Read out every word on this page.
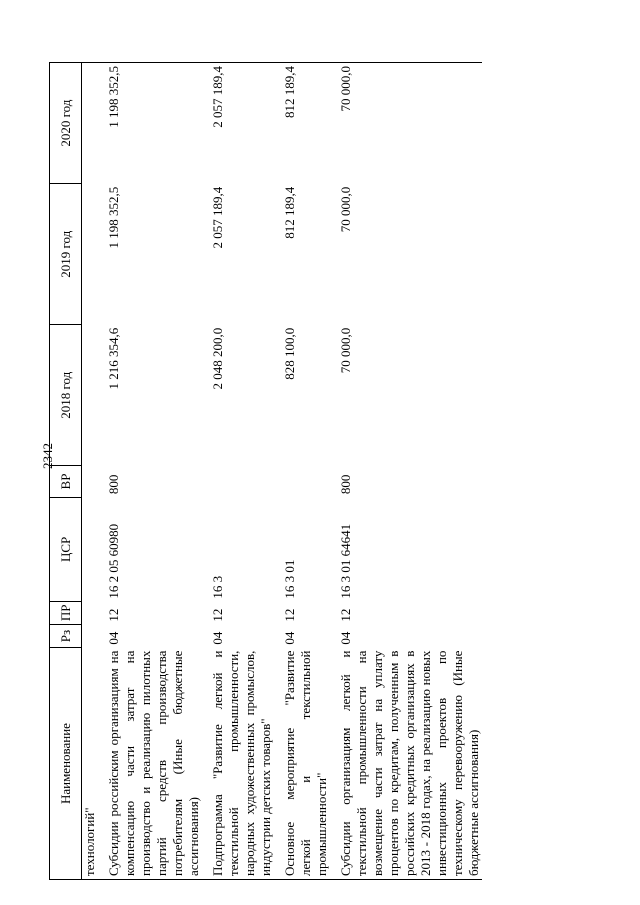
2342
Наименование	Рз	ПР	ЦСР	ВР	2018 год	2019 год	2020 год
технологий"							
Субсидии российским организациям на компенсацию части затрат на производство и реализацию пилотных партий средств производства потребителям (Иные бюджетные ассигнования)	04	12	16 2 05 60980	800	1 216 354,6	1 198 352,5	1 198 352,5
Подпрограмма "Развитие легкой и текстильной промышленности, народных художественных промыслов, индустрии детских товаров"	04	12	16 3		2 048 200,0	2 057 189,4	2 057 189,4
Основное мероприятие "Развитие легкой и текстильной промышленности"	04	12	16 3 01		828 100,0	812 189,4	812 189,4
Субсидии организациям легкой и текстильной промышленности на возмещение части затрат на уплату процентов по кредитам, полученным в российских кредитных организациях в 2013 - 2018 годах, на реализацию новых инвестиционных проектов по техническому перевооружению (Иные бюджетные ассигнования)	04	12	16 3 01 64641	800	70 000,0	70 000,0	70 000,0
